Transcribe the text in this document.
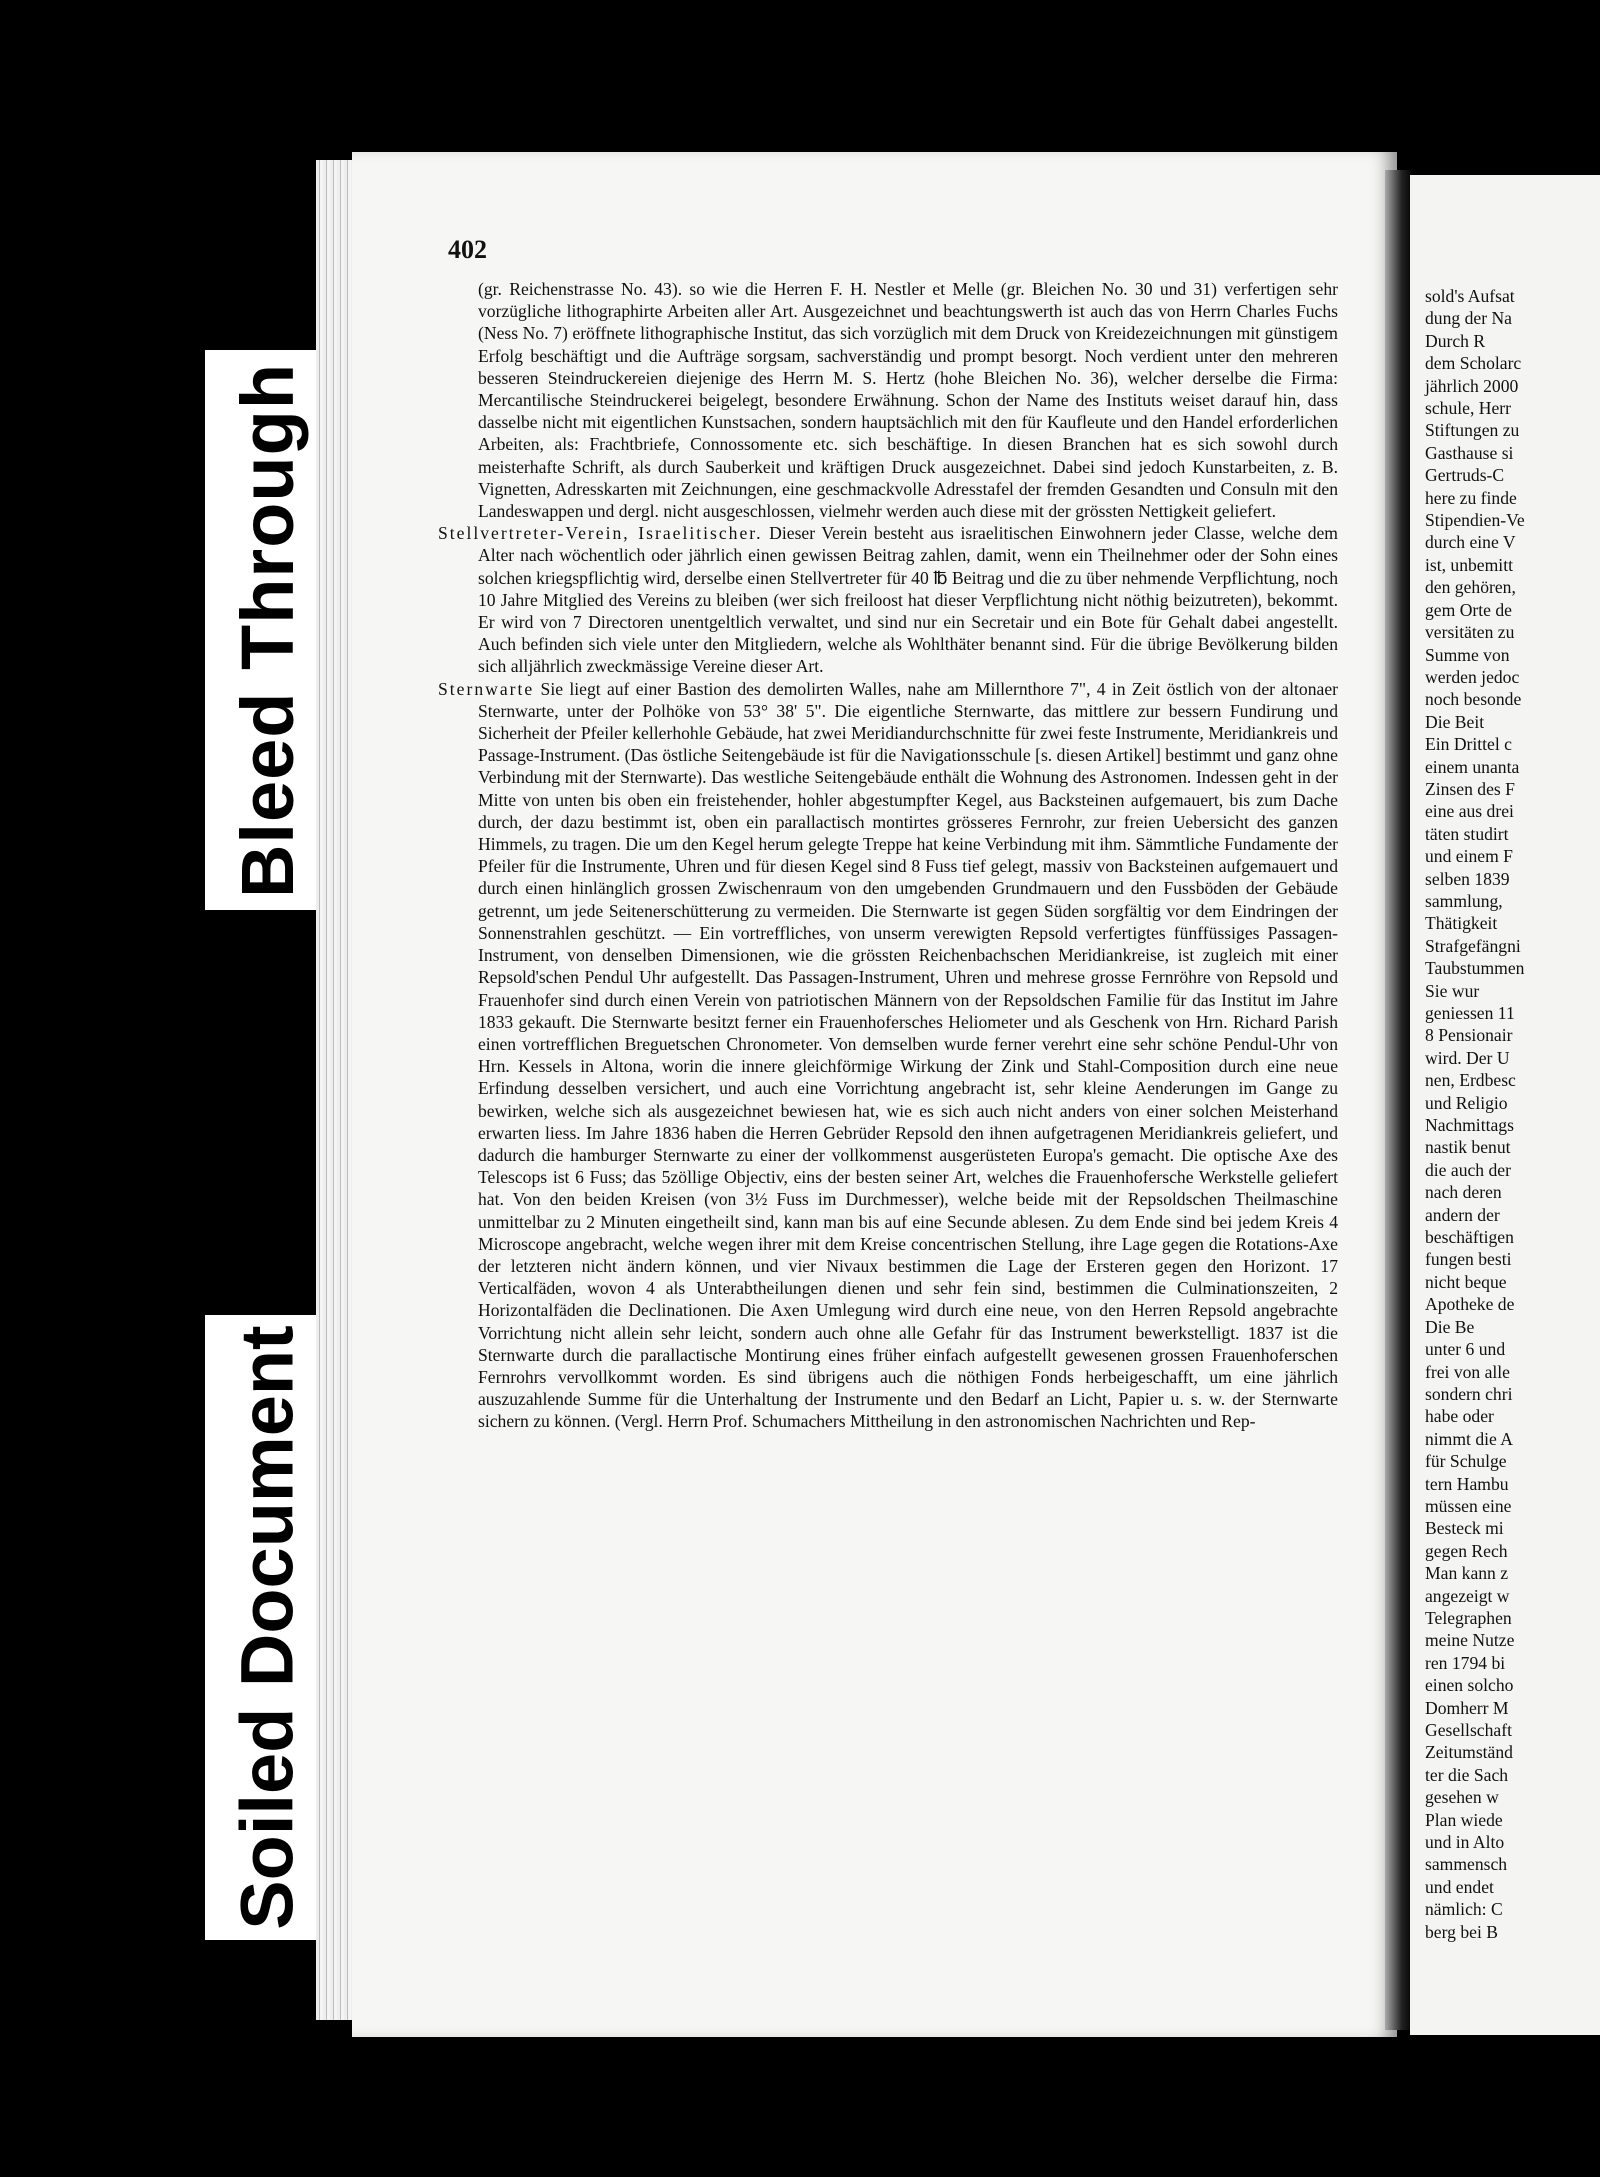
Bleed Through
Soiled Document
402

(gr. Reichenstrasse No. 43). so wie die Herren F. H. Nestler et Melle (gr. Bleichen No. 30 und 31) verfertigen sehr vorzügliche lithographirte Arbeiten aller Art. Ausgezeichnet und beachtungswerth ist auch das von Herrn Charles Fuchs (Ness No. 7) eröffnete lithographische Institut, das sich vorzüglich mit dem Druck von Kreidezeichnungen mit günstigem Erfolg beschäftigt und die Aufträge sorgsam, sachverständig und prompt besorgt. Noch verdient unter den mehreren besseren Steindruckereien diejenige des Herrn M. S. Hertz (hohe Bleichen No. 36), welcher derselbe die Firma: Mercantilische Steindruckerei beigelegt, besondere Erwähnung. Schon der Name des Instituts weiset darauf hin, dass dasselbe nicht mit eigentlichen Kunstsachen, sondern hauptsächlich mit den für Kaufleute und den Handel erforderlichen Arbeiten, als: Frachtbriefe, Connossomente etc. sich beschäftige. In diesen Branchen hat es sich sowohl durch meisterhafte Schrift, als durch Sauberkeit und kräftigen Druck ausgezeichnet. Dabei sind jedoch Kunstarbeiten, z. B. Vignetten, Adresskarten mit Zeichnungen, eine geschmackvolle Adresstafel der fremden Gesandten und Consuln mit den Landeswappen und dergl. nicht ausgeschlossen, vielmehr werden auch diese mit der grössten Nettigkeit geliefert.

Stellvertreter-Verein, Israelitischer. Dieser Verein besteht aus israelitischen Einwohnern jeder Classe, welche dem Alter nach wöchentlich oder jährlich einen gewissen Beitrag zahlen, damit, wenn ein Theilnehmer oder der Sohn eines solchen kriegspflichtig wird, derselbe einen Stellvertreter für 40 ℔ Beitrag und die zu über nehmende Verpflichtung, noch 10 Jahre Mitglied des Vereins zu bleiben (wer sich freiloost hat dieser Verpflichtung nicht nöthig beizutreten), bekommt. Er wird von 7 Directoren unentgeltlich verwaltet, und sind nur ein Secretair und ein Bote für Gehalt dabei angestellt. Auch befinden sich viele unter den Mitgliedern, welche als Wohlthäter benannt sind. Für die übrige Bevölkerung bilden sich alljährlich zweckmässige Vereine dieser Art.

Sternwarte Sie liegt auf einer Bastion des demolirten Walles, nahe am Millernthore 7", 4 in Zeit östlich von der altonaer Sternwarte, unter der Polhöke von 53° 38' 5". Die eigentliche Sternwarte, das mittlere zur bessern Fundirung und Sicherheit der Pfeiler kellerhohle Gebäude, hat zwei Meridiandurchschnitte für zwei feste Instrumente, Meridiankreis und Passage-Instrument. (Das östliche Seitengebäude ist für die Navigationsschule [s. diesen Artikel] bestimmt und ganz ohne Verbindung mit der Sternwarte). Das westliche Seitengebäude enthält die Wohnung des Astronomen. Indessen geht in der Mitte von unten bis oben ein freistehender, hohler abgestumpfter Kegel, aus Backsteinen aufgemauert, bis zum Dache durch, der dazu bestimmt ist, oben ein parallactisch montirtes grösseres Fernrohr, zur freien Uebersicht des ganzen Himmels, zu tragen. Die um den Kegel herum gelegte Treppe hat keine Verbindung mit ihm. Sämmtliche Fundamente der Pfeiler für die Instrumente, Uhren und für diesen Kegel sind 8 Fuss tief gelegt, massiv von Backsteinen aufgemauert und durch einen hinlänglich grossen Zwischenraum von den umgebenden Grundmauern und den Fussböden der Gebäude getrennt, um jede Seitenerschütterung zu vermeiden. Die Sternwarte ist gegen Süden sorgfältig vor dem Eindringen der Sonnenstrahlen geschützt. — Ein vortreffliches, von unserm verewigten Repsold verfertigtes fünffüssiges Passagen-Instrument, von denselben Dimensionen, wie die grössten Reichenbachschen Meridiankreise, ist zugleich mit einer Repsold'schen Pendul Uhr aufgestellt. Das Passagen-Instrument, Uhren und mehrese grosse Fernröhre von Repsold und Frauenhofer sind durch einen Verein von patriotischen Männern von der Repsoldschen Familie für das Institut im Jahre 1833 gekauft. Die Sternwarte besitzt ferner ein Frauenhofersches Heliometer und als Geschenk von Hrn. Richard Parish einen vortrefflichen Breguetschen Chronometer. Von demselben wurde ferner verehrt eine sehr schöne Pendul-Uhr von Hrn. Kessels in Altona, worin die innere gleichförmige Wirkung der Zink und Stahl-Composition durch eine neue Erfindung desselben versichert, und auch eine Vorrichtung angebracht ist, sehr kleine Aenderungen im Gange zu bewirken, welche sich als ausgezeichnet bewiesen hat, wie es sich auch nicht anders von einer solchen Meisterhand erwarten liess. Im Jahre 1836 haben die Herren Gebrüder Repsold den ihnen aufgetragenen Meridiankreis geliefert, und dadurch die hamburger Sternwarte zu einer der vollkommenst ausgerüsteten Europa's gemacht. Die optische Axe des Telescops ist 6 Fuss; das 5zöllige Objectiv, eins der besten seiner Art, welches die Frauenhofersche Werkstelle geliefert hat. Von den beiden Kreisen (von 3½ Fuss im Durchmesser), welche beide mit der Repsoldschen Theilmaschine unmittelbar zu 2 Minuten eingetheilt sind, kann man bis auf eine Secunde ablesen. Zu dem Ende sind bei jedem Kreis 4 Microscope angebracht, welche wegen ihrer mit dem Kreise concentrischen Stellung, ihre Lage gegen die Rotations-Axe der letzteren nicht ändern können, und vier Nivaux bestimmen die Lage der Ersteren gegen den Horizont. 17 Verticalfäden, wovon 4 als Unterabtheilungen dienen und sehr fein sind, bestimmen die Culminationszeiten, 2 Horizontalfäden die Declinationen. Die Axen Umlegung wird durch eine neue, von den Herren Repsold angebrachte Vorrichtung nicht allein sehr leicht, sondern auch ohne alle Gefahr für das Instrument bewerkstelligt. 1837 ist die Sternwarte durch die parallactische Montirung eines früher einfach aufgestellt gewesenen grossen Frauenhoferschen Fernrohrs vervollkommt worden. Es sind übrigens auch die nöthigen Fonds herbeigeschafft, um eine jährlich auszuzahlende Summe für die Unterhaltung der Instrumente und den Bedarf an Licht, Papier u. s. w. der Sternwarte sichern zu können. (Vergl. Herrn Prof. Schumachers Mittheilung in den astronomischen Nachrichten und Rep-

sold's Aufsat
dung der Na
Durch R
dem Scholarc
jährlich 2000
schule, Herr
Stiftungen zu
Gasthause si
Gertruds-C
here zu finde
Stipendien-Ve
durch eine V
ist, unbemitt
den gehören,
gem Orte de
versitäten zu
Summe von
werden jedoc
noch besonde
Die Beit
Ein Drittel c
einem unanta
Zinsen des F
eine aus drei
täten studirt
und einem F
selben 1839
sammlung,
Thätigkeit
Strafgefängni
Taubstummen
Sie wur
geniessen 11
8 Pensionair
wird. Der U
nen, Erdbesc
und Religio
Nachmittags
nastik benut
die auch der
nach deren
andern der
beschäftigen
fungen besti
nicht beque
Apotheke de
Die Be
unter 6 und
frei von alle
sondern chri
habe oder
nimmt die A
für Schulge
tern Hambu
müssen eine
Besteck mi
gegen Rech
Man kann z
angezeigt w
Telegraphen
meine Nutze
ren 1794 bi
einen solcho
Domherr M
Gesellschaft
Zeitumständ
ter die Sach
gesehen w
Plan wiede
und in Alto
sammensch
und endet
nämlich: C
berg bei B
